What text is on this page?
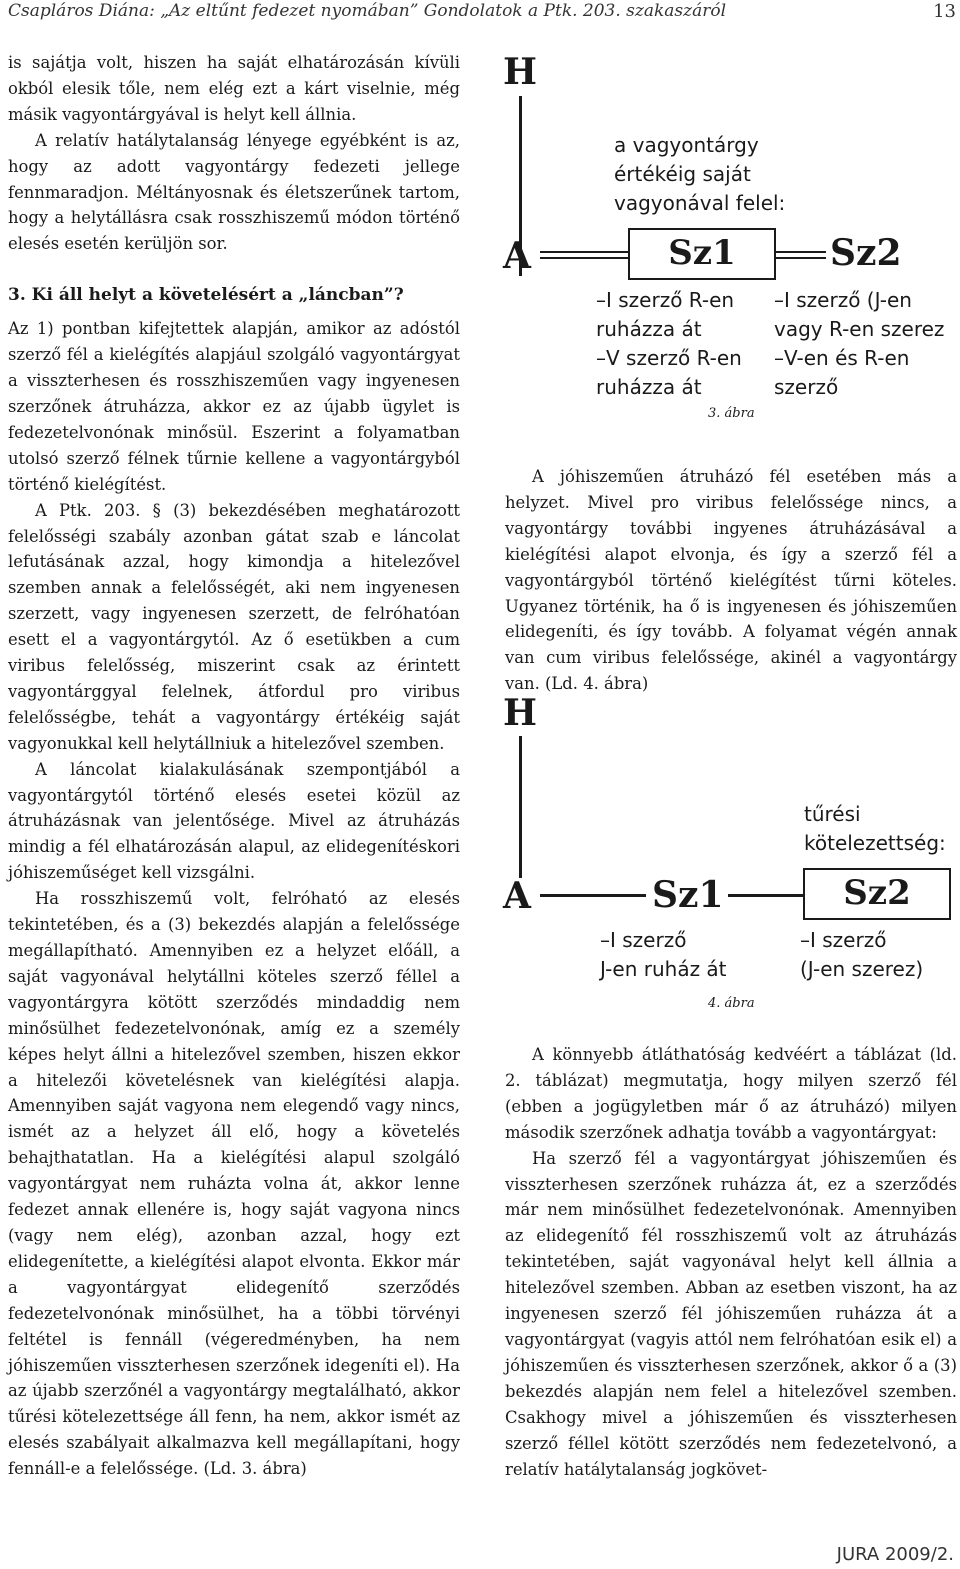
Csapláros Diána: „Az eltűnt fedezet nyomában” Gondolatok a Ptk. 203. szakaszáról	13

is sajátja volt, hiszen ha saját elhatározásán kívüli okból elesik tőle, nem elég ezt a kárt viselnie, még másik vagyontárgyával is helyt kell állnia.

A relatív hatálytalanság lényege egyébként is az, hogy az adott vagyontárgy fedezeti jellege fennmaradjon. Méltányosnak és életszerűnek tartom, hogy a helytállásra csak rosszhiszemű módon történő elesés esetén kerüljön sor.

3. Ki áll helyt a követelésért a „láncban”?

Az 1) pontban kifejtettek alapján, amikor az adóstól szerző fél a kielégítés alapjául szolgáló vagyontárgyat a visszterhesen és rosszhiszeműen vagy ingyenesen szerzőnek átruházza, akkor ez az újabb ügylet is fedezetelvonónak minősül. Eszerint a folyamatban utolsó szerző félnek tűrnie kellene a vagyontárgyból történő kielégítést.

A Ptk. 203. § (3) bekezdésében meghatározott felelősségi szabály azonban gátat szab e láncolat lefutásának azzal, hogy kimondja a hitelezővel szemben annak a felelősségét, aki nem ingyenesen szerzett, vagy ingyenesen szerzett, de felróhatóan esett el a vagyontárgytól. Az ő esetükben a cum viribus felelősség, miszerint csak az érintett vagyontárggyal felelnek, átfordul pro viribus felelősségbe, tehát a vagyontárgy értékéig saját vagyonukkal kell helytállniuk a hitelezővel szemben.

A láncolat kialakulásának szempontjából a vagyontárgytól történő elesés esetei közül az átruházásnak van jelentősége. Mivel az átruházás mindig a fél elhatározásán alapul, az elidegenítéskori jóhiszeműséget kell vizsgálni.

Ha rosszhiszemű volt, felróható az elesés tekintetében, és a (3) bekezdés alapján a felelőssége megállapítható. Amennyiben ez a helyzet előáll, a saját vagyonával helytállni köteles szerző féllel a vagyontárgyra kötött szerződés mindaddig nem minősülhet fedezetelvonónak, amíg ez a személy képes helyt állni a hitelezővel szemben, hiszen ekkor a hitelezői követelésnek van kielégítési alapja. Amennyiben saját vagyona nem elegendő vagy nincs, ismét az a helyzet áll elő, hogy a követelés behajthatatlan. Ha a kielégítési alapul szolgáló vagyontárgyat nem ruházta volna át, akkor lenne fedezet annak ellenére is, hogy saját vagyona nincs (vagy nem elég), azonban azzal, hogy ezt elidegenítette, a kielégítési alapot elvonta. Ekkor már a vagyontárgyat elidegenítő szerződés fedezetelvonónak minősülhet, ha a többi törvényi feltétel is fennáll (végeredményben, ha nem jóhiszeműen visszterhesen szerzőnek idegeníti el). Ha az újabb szerzőnél a vagyontárgy megtalálható, akkor tűrési kötelezettsége áll fenn, ha nem, akkor ismét az elesés szabályait alkalmazva kell megállapítani, hogy fennáll-e a felelőssége. (Ld. 3. ábra)

H
A
a vagyontárgy
értékéig saját
vagyonával felel:
Sz1	Sz2
–I szerző R-en
ruházza át
–V szerző R-en
ruházza át
–I szerző (J-en
vagy R-en szerez
–V-en és R-en
szerző
3. ábra

A jóhiszeműen átruházó fél esetében más a helyzet. Mivel pro viribus felelőssége nincs, a vagyontárgy további ingyenes átruházásával a kielégítési alapot elvonja, és így a szerző fél a vagyontárgyból történő kielégítést tűrni köteles. Ugyanez történik, ha ő is ingyenesen és jóhiszeműen elidegeníti, és így tovább. A folyamat végén annak van cum viribus felelőssége, akinél a vagyontárgy van. (Ld. 4. ábra)

H
A	Sz1
tűrési
kötelezettség:
Sz2
–I szerző
J-en ruház át
–I szerző
(J-en szerez)
4. ábra

A könnyebb átláthatóság kedvéért a táblázat (ld. 2. táblázat) megmutatja, hogy milyen szerző fél (ebben a jogügyletben már ő az átruházó) milyen második szerzőnek adhatja tovább a vagyontárgyat:

Ha szerző fél a vagyontárgyat jóhiszeműen és visszterhesen szerzőnek ruházza át, ez a szerződés már nem minősülhet fedezetelvonónak. Amennyiben az elidegenítő fél rosszhiszemű volt az átruházás tekintetében, saját vagyonával helyt kell állnia a hitelezővel szemben. Abban az esetben viszont, ha az ingyenesen szerző fél jóhiszeműen ruházza át a vagyontárgyat (vagyis attól nem felróhatóan esik el) a jóhiszeműen és visszterhesen szerzőnek, akkor ő a (3) bekezdés alapján nem felel a hitelezővel szemben. Csakhogy mivel a jóhiszeműen és visszterhesen szerző féllel kötött szerződés nem fedezetelvonó, a relatív hatálytalanság jogkövet-

JURA 2009/2.
